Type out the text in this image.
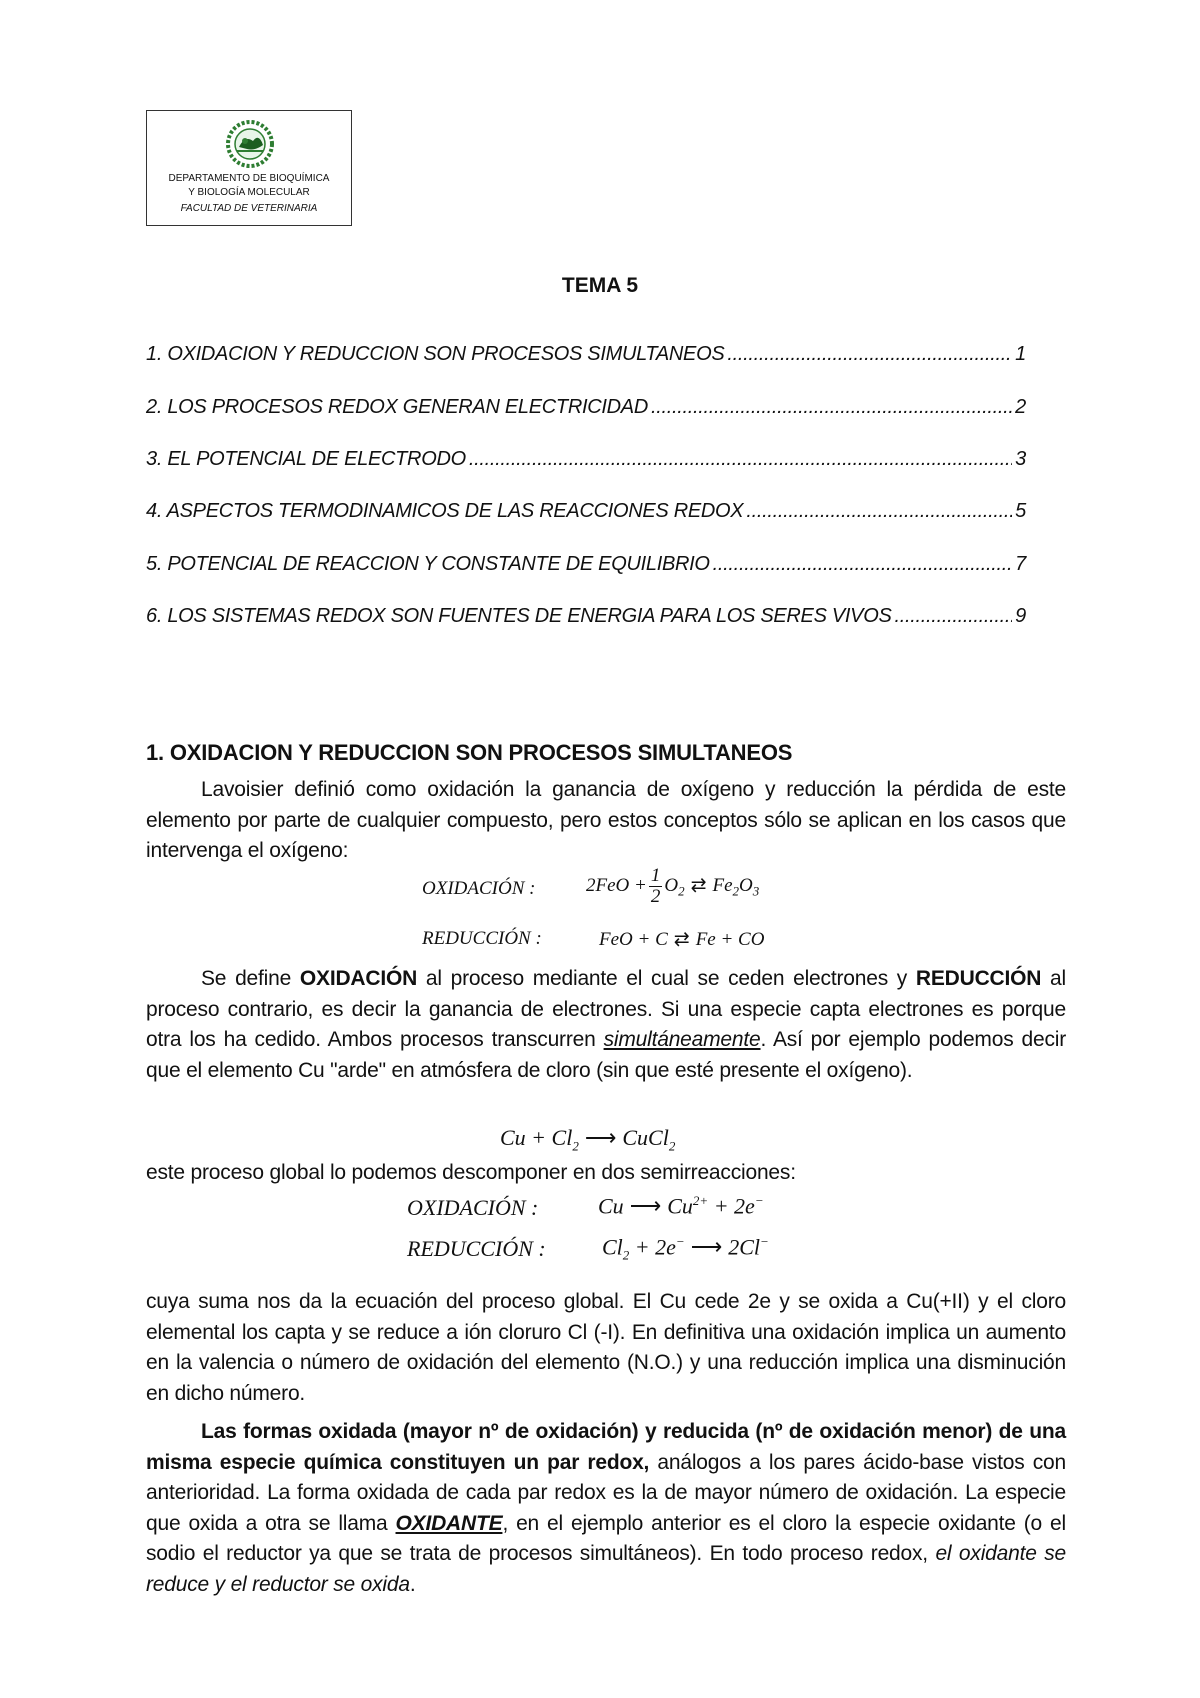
DEPARTAMENTO DE BIOQUÍMICA
Y BIOLOGÍA MOLECULAR
FACULTAD DE VETERINARIA
TEMA 5
1. OXIDACION Y REDUCCION SON PROCESOS SIMULTANEOS .....	1
2. LOS PROCESOS REDOX GENERAN ELECTRICIDAD .....	2
3. EL POTENCIAL DE ELECTRODO .....	3
4. ASPECTOS TERMODINAMICOS DE LAS REACCIONES REDOX .....	5
5. POTENCIAL DE REACCION Y CONSTANTE DE EQUILIBRIO .....	7
6. LOS SISTEMAS REDOX SON FUENTES DE ENERGIA PARA LOS SERES VIVOS .....	9
1. OXIDACION Y REDUCCION SON PROCESOS SIMULTANEOS
Lavoisier definió como oxidación la ganancia de oxígeno y reducción la pérdida de este elemento por parte de cualquier compuesto, pero estos conceptos sólo se aplican en los casos que intervenga el oxígeno:
OXIDACIÓN :	$2FeO + \frac{1}{2} O_2$ ⇄ $Fe_2O_3$
REDUCCIÓN :	FeO + C ⇄ Fe + CO
Se define OXIDACIÓN al proceso mediante el cual se ceden electrones y REDUCCIÓN al proceso contrario, es decir la ganancia de electrones. Si una especie capta electrones es porque otra los ha cedido. Ambos procesos transcurren simultáneamente. Así por ejemplo podemos decir que el elemento Cu "arde" en atmósfera de cloro (sin que esté presente el oxígeno).
$Cu + Cl_2$ ⟶ CuCl$_2$
este proceso global lo podemos descomponer en dos semirreacciones:
OXIDACIÓN :	Cu ⟶ $Cu^{2+} + 2e^-$
REDUCCIÓN :	$Cl_2 + 2e^-$ ⟶ 2Cl−
cuya suma nos da la ecuación del proceso global. El Cu cede 2e y se oxida a Cu(+II) y el cloro elemental los capta y se reduce a ión cloruro Cl (-I). En definitiva una oxidación implica un aumento en la valencia o número de oxidación del elemento (N.O.) y una reducción implica una disminución en dicho número.
Las formas oxidada (mayor nº de oxidación) y reducida (nº de oxidación menor) de una misma especie química constituyen un par redox, análogos a los pares ácido-base vistos con anterioridad. La forma oxidada de cada par redox es la de mayor número de oxidación. La especie que oxida a otra se llama OXIDANTE, en el ejemplo anterior es el cloro la especie oxidante (o el sodio el reductor ya que se trata de procesos simultáneos). En todo proceso redox, el oxidante se reduce y el reductor se oxida.
